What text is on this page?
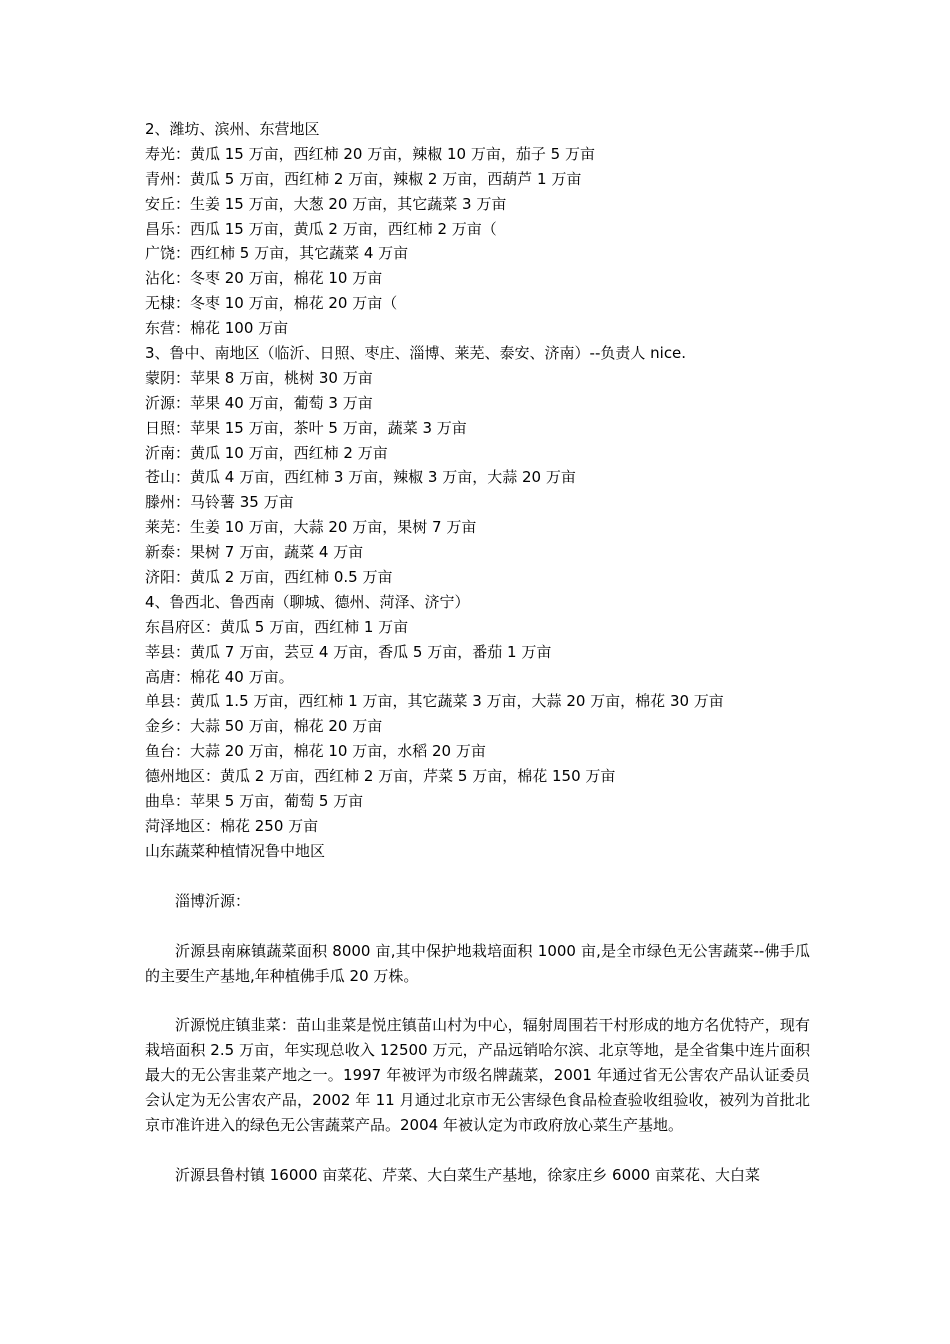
2、潍坊、滨州、东营地区
寿光：黄瓜 15 万亩，西红柿 20 万亩，辣椒 10 万亩，茄子 5 万亩
青州：黄瓜 5 万亩，西红柿 2 万亩，辣椒 2 万亩，西葫芦 1 万亩
安丘：生姜 15 万亩，大葱 20 万亩，其它蔬菜 3 万亩
昌乐：西瓜 15 万亩，黄瓜 2 万亩，西红柿 2 万亩（
广饶：西红柿 5 万亩，其它蔬菜 4 万亩
沾化：冬枣 20 万亩，棉花 10 万亩
无棣：冬枣 10 万亩，棉花 20 万亩（
东营：棉花 100 万亩
3、鲁中、南地区（临沂、日照、枣庄、淄博、莱芜、泰安、济南）--负责人 nice.
蒙阴：苹果 8 万亩，桃树 30 万亩
沂源：苹果 40 万亩，葡萄 3 万亩
日照：苹果 15 万亩，茶叶 5 万亩，蔬菜 3 万亩
沂南：黄瓜 10 万亩，西红柿 2 万亩
苍山：黄瓜 4 万亩，西红柿 3 万亩，辣椒 3 万亩，大蒜 20 万亩
滕州：马铃薯 35 万亩
莱芜：生姜 10 万亩，大蒜 20 万亩，果树 7 万亩
新泰：果树 7 万亩，蔬菜 4 万亩
济阳：黄瓜 2 万亩，西红柿 0.5 万亩
4、鲁西北、鲁西南（聊城、德州、菏泽、济宁）
东昌府区：黄瓜 5 万亩，西红柿 1 万亩
莘县：黄瓜 7 万亩，芸豆 4 万亩，香瓜 5 万亩，番茄 1 万亩
高唐：棉花 40 万亩。
单县：黄瓜 1.5 万亩，西红柿 1 万亩，其它蔬菜 3 万亩，大蒜 20 万亩，棉花 30 万亩
金乡：大蒜 50 万亩，棉花 20 万亩
鱼台：大蒜 20 万亩，棉花 10 万亩，水稻 20 万亩
德州地区：黄瓜 2 万亩，西红柿 2 万亩，芹菜 5 万亩，棉花 150 万亩
曲阜：苹果 5 万亩，葡萄 5 万亩
菏泽地区：棉花 250 万亩
山东蔬菜种植情况鲁中地区

淄博沂源：

沂源县南麻镇蔬菜面积 8000 亩,其中保护地栽培面积 1000 亩,是全市绿色无公害蔬菜--佛手瓜的主要生产基地,年种植佛手瓜 20 万株。

沂源悦庄镇韭菜：苗山韭菜是悦庄镇苗山村为中心，辐射周围若干村形成的地方名优特产，现有栽培面积 2.5 万亩，年实现总收入 12500 万元，产品远销哈尔滨、北京等地，是全省集中连片面积最大的无公害韭菜产地之一。1997 年被评为市级名牌蔬菜，2001 年通过省无公害农产品认证委员会认定为无公害农产品，2002 年 11 月通过北京市无公害绿色食品检查验收组验收，被列为首批北京市准许进入的绿色无公害蔬菜产品。2004 年被认定为市政府放心菜生产基地。

沂源县鲁村镇 16000 亩菜花、芹菜、大白菜生产基地，徐家庄乡 6000 亩菜花、大白菜
